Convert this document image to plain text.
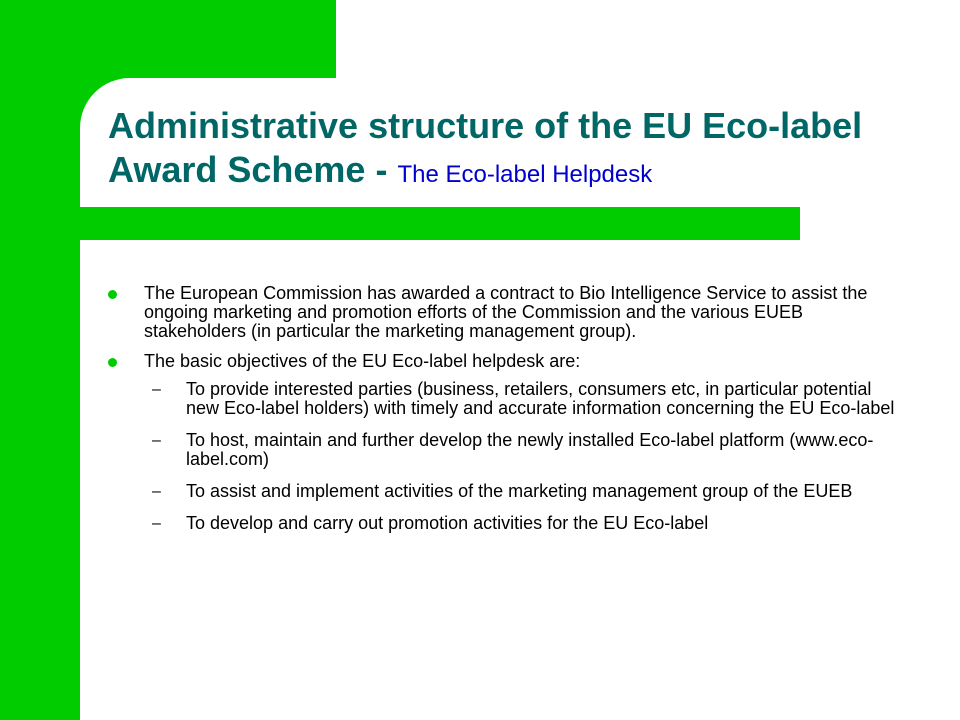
Administrative structure of the EU Eco-label Award Scheme - The Eco-label Helpdesk
The European Commission has awarded a contract to Bio Intelligence Service to assist the ongoing marketing and promotion efforts of the Commission and the various EUEB stakeholders (in particular the marketing management group).
The basic objectives of the EU Eco-label helpdesk are:
– To provide interested parties (business, retailers, consumers etc, in particular potential new Eco-label holders) with timely and accurate information concerning the EU Eco-label
– To host, maintain and further develop the newly installed Eco-label platform (www.eco-label.com)
– To assist and implement activities of the marketing management group of the EUEB
– To develop and carry out promotion activities for the EU Eco-label
